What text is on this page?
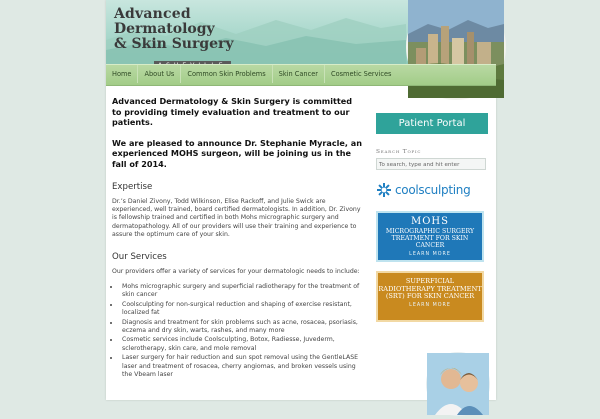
Advanced
Dermatology
& Skin Surgery
Home	About Us	Common Skin Problems	Skin Cancer	Cosmetic Services

Advanced Dermatology & Skin Surgery is committed to providing timely evaluation and treatment to our patients.

We are pleased to announce Dr. Stephanie Myracle, an experienced MOHS surgeon, will be joining us in the fall of 2014.

Expertise

Dr.’s Daniel Zivony, Todd Wilkinson, Elise Rackoff, and Julie Swick are experienced, well trained, board certified dermatologists. In addition, Dr. Zivony is fellowship trained and certified in both Mohs micrographic surgery and dermatopathology. All of our providers will use their training and experience to assure the optimum care of your skin.

Our Services

Our providers offer a variety of services for your dermatologic needs to include:

• Mohs micrographic surgery and superficial radiotherapy for the treatment of skin cancer
• Coolsculpting for non-surgical reduction and shaping of exercise resistant, localized fat
• Diagnosis and treatment for skin problems such as acne, rosacea, psoriasis, eczema and dry skin, warts, rashes, and many more
• Cosmetic services include Coolsculpting, Botox, Radiesse, Juvederm, sclerotherapy, skin care, and mole removal
• Laser surgery for hair reduction and sun spot removal using the GentleLASE laser and treatment of rosacea, cherry angiomas, and broken vessels using the Vbeam laser
Patient Portal
Search Topic
To search, type and hit enter
coolsculpting
MOHS
MICROGRAPHIC SURGERY TREATMENT FOR SKIN CANCER
LEARN MORE
SUPERFICIAL RADIOTHERAPY TREATMENT (SRT) FOR SKIN CANCER
LEARN MORE
